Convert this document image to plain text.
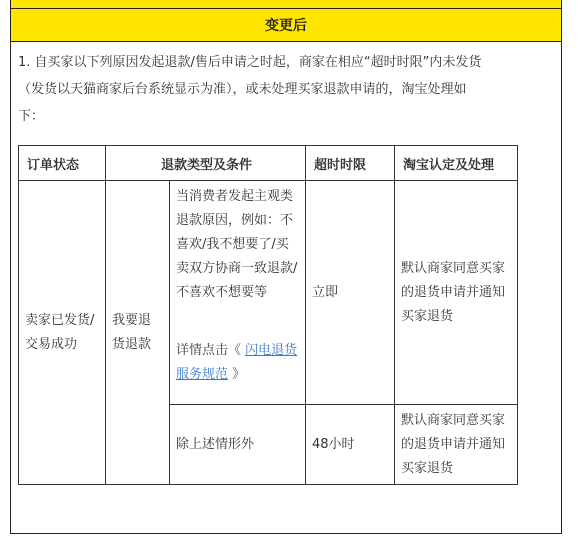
变更后
1. 自买家以下列原因发起退款/售后申请之时起，商家在相应“超时时限”内未发货
（发货以天猫商家后台系统显示为准），或未处理买家退款申请的，淘宝处理如
下：
订单状态	退款类型及条件		超时时限	淘宝认定及处理

卖家已发货/交易成功	我要退货退款	当消费者发起主观类退款原因，例如：不喜欢/我不想要了/买卖双方协商一致退款/不喜欢不想要等
详情点击《 闪电退货服务规范 》	立即	默认商家同意买家的退货申请并通知买家退货

		除上述情形外	48小时	默认商家同意买家的退货申请并通知买家退货
